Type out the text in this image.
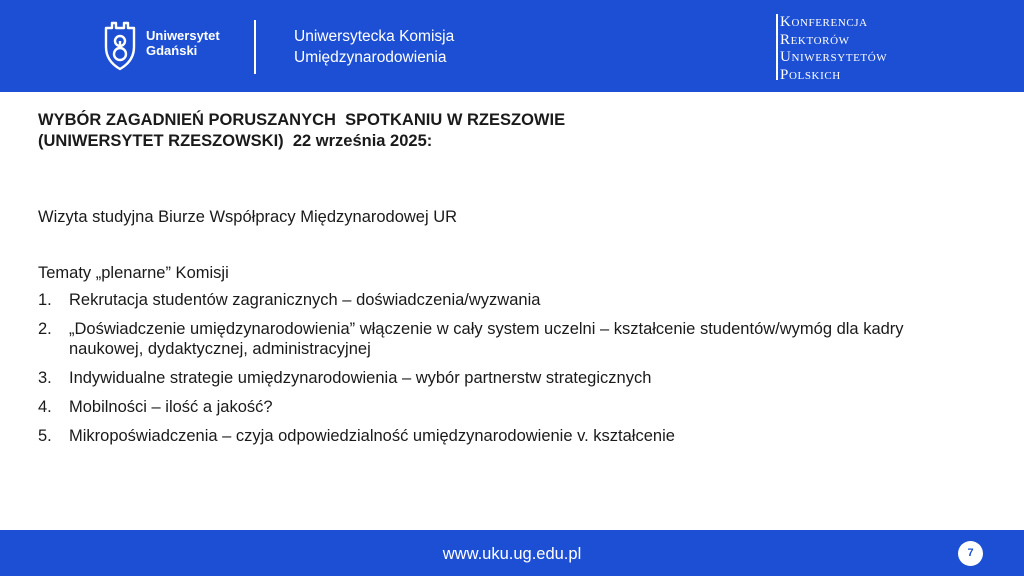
Uniwersytet
Gdański
Uniwersytecka Komisja
Umiędzynarodowienia
KONFERENCJA
REKTORÓW
UNIWERSYTETÓW
POLSKICH
WYBÓR ZAGADNIEŃ PORUSZANYCH  SPOTKANIU W RZESZOWIE
(UNIWERSYTET RZESZOWSKI)  22 września 2025:
Wizyta studyjna Biurze Współpracy Międzynarodowej UR
Tematy „plenarne” Komisji
1. Rekrutacja studentów zagranicznych – doświadczenia/wyzwania
2. „Doświadczenie umiędzynarodowienia” włączenie w cały system uczelni – kształcenie studentów/wymóg dla kadry naukowej, dydaktycznej, administracyjnej
3. Indywidualne strategie umiędzynarodowienia – wybór partnerstw strategicznych
4. Mobilności – ilość a jakość?
5. Mikropoświadczenia – czyja odpowiedzialność umiędzynarodowienie v. kształcenie
www.uku.ug.edu.pl	7
